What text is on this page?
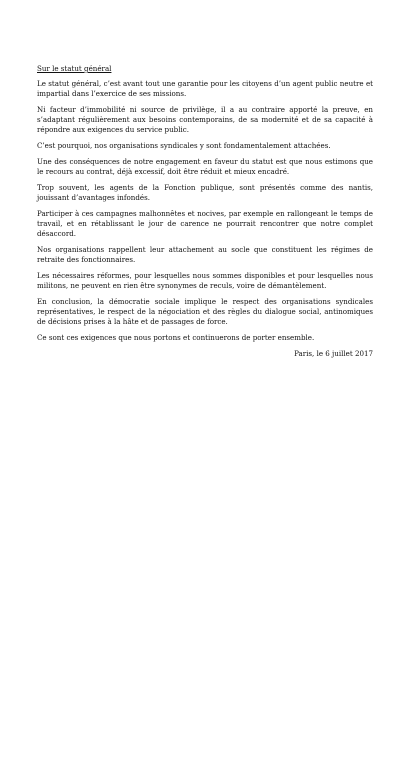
Sur le statut général

Le statut général, c’est avant tout une garantie pour les citoyens d’un agent public neutre et impartial dans l’exercice de ses missions.

Ni facteur d’immobilité ni source de privilège, il a au contraire apporté la preuve, en s’adaptant régulièrement aux besoins contemporains, de sa modernité et de sa capacité à répondre aux exigences du service public.

C’est pourquoi, nos organisations syndicales y sont fondamentalement attachées.

Une des conséquences de notre engagement en faveur du statut est que nous estimons que le recours au contrat, déjà excessif, doit être réduit et mieux encadré.

Trop souvent, les agents de la Fonction publique, sont présentés comme des nantis, jouissant d’avantages infondés.

Participer à ces campagnes malhonnêtes et nocives, par exemple en rallongeant le temps de travail, et en rétablissant le jour de carence ne pourrait rencontrer que notre complet désaccord.

Nos organisations rappellent leur attachement au socle que constituent les régimes de retraite des fonctionnaires.

Les nécessaires réformes, pour lesquelles nous sommes disponibles et pour lesquelles nous militons, ne peuvent en rien être synonymes de reculs, voire de démantèlement.

En conclusion, la démocratie sociale implique le respect des organisations syndicales représentatives, le respect de la négociation et des règles du dialogue social, antinomiques de décisions prises à la hâte et de passages de force.

Ce sont ces exigences que nous portons et continuerons de porter ensemble.

Paris, le 6 juillet 2017
